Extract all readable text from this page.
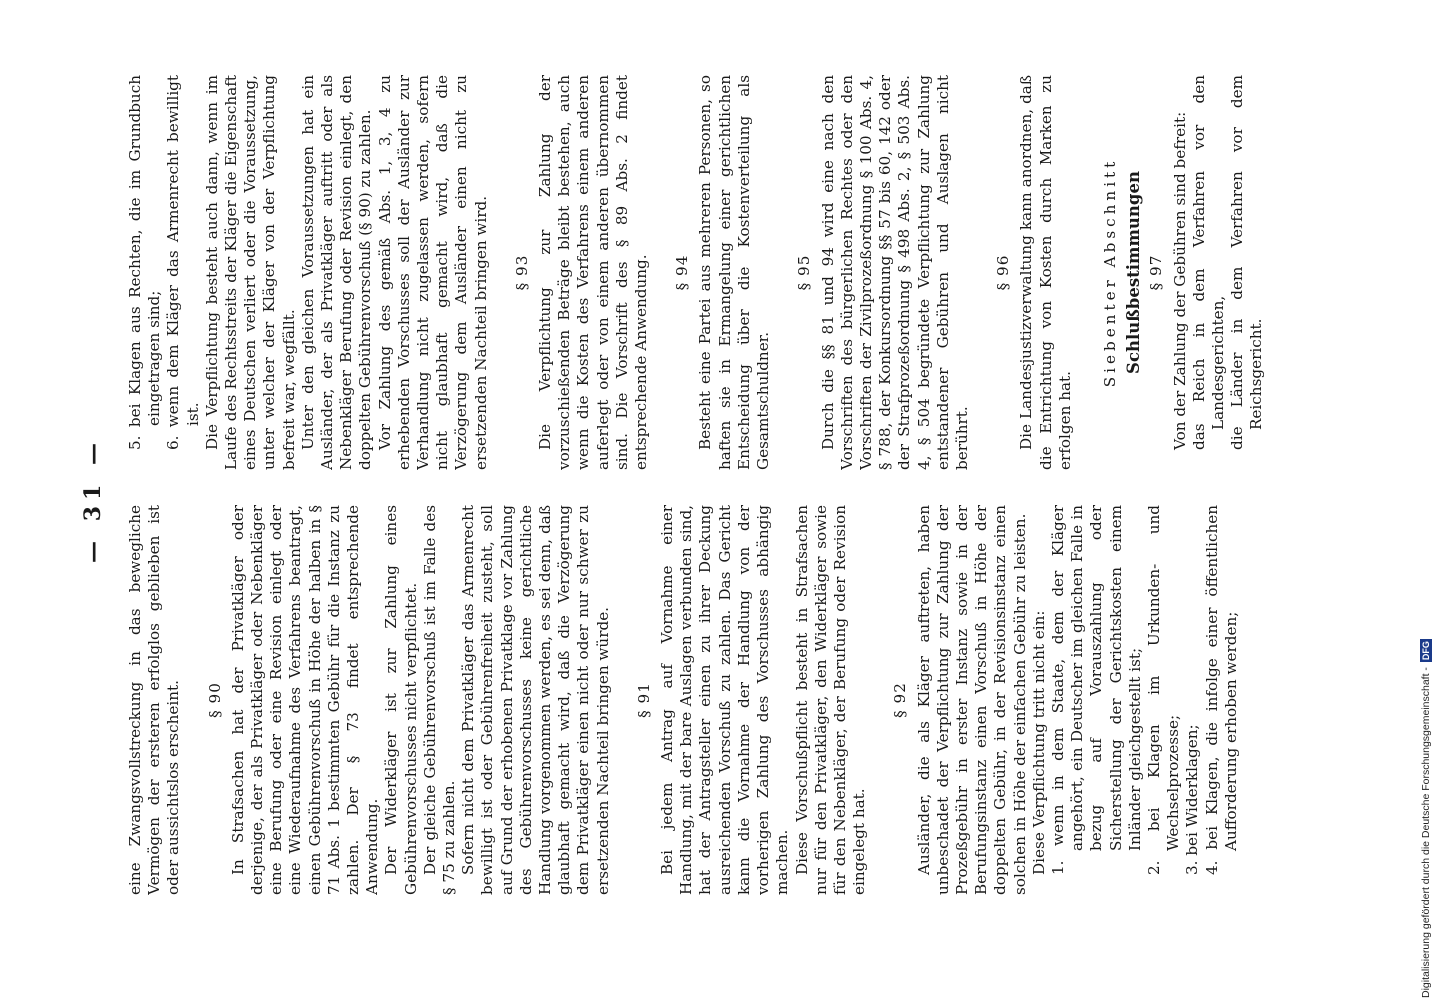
— 31 —

eine Zwangsvollstreckung in das bewegliche Vermögen der ersteren erfolglos geblieben ist oder aussichtslos erscheint. § 90 In Strafsachen hat der Privatkläger oder derjenige, der als Privatkläger oder Nebenkläger eine Berufung oder eine Revision einlegt oder eine Wiederaufnahme des Verfahrens beantragt, einen Gebührenvorschuß in Höhe der halben in § 71 Abs. 1 bestimmten Gebühr für die Instanz zu zahlen. Der § 73 findet entsprechende Anwendung. Der Widerkläger ist zur Zahlung eines Gebührenvorschusses nicht verpflichtet. Der gleiche Gebührenvorschuß ist im Falle des § 75 zu zahlen. Sofern nicht dem Privatkläger das Armenrecht bewilligt ist oder Gebührenfreiheit zusteht, soll auf Grund der erhobenen Privatklage vor Zahlung des Gebührenvorschusses keine gerichtliche Handlung vorgenommen werden, es sei denn, daß glaubhaft gemacht wird, daß die Verzögerung dem Privatkläger einen nicht oder nur schwer zu ersetzenden Nachteil bringen würde. § 91 Bei jedem Antrag auf Vornahme einer Handlung, mit der bare Auslagen verbunden sind, hat der Antragsteller einen zu ihrer Deckung ausreichenden Vorschuß zu zahlen. Das Gericht kann die Vornahme der Handlung von der vorherigen Zahlung des Vorschusses abhängig machen. Diese Vorschußpflicht besteht in Strafsachen nur für den Privatkläger, den Widerkläger sowie für den Nebenkläger, der Berufung oder Revision eingelegt hat.

§ 92 Ausländer, die als Kläger auftreten, haben unbeschadet der Verpflichtung zur Zahlung der Prozeßgebühr in erster Instanz sowie in der Berufungsinstanz einen Vorschuß in Höhe der doppelten Gebühr, in der Revisionsinstanz einen solchen in Höhe der einfachen Gebühr zu leisten. Diese Verpflichtung tritt nicht ein: 1. wenn in dem Staate, dem der Kläger angehört, ein Deutscher im gleichen Falle in bezug auf Vorauszahlung oder Sicherstellung der Gerichtskosten einem Inländer gleichgestellt ist; 2. bei Klagen im Urkunden- und Wechselprozesse; 3. bei Widerklagen; 4. bei Klagen, die infolge einer öffentlichen Aufforderung erhoben werden;

5. bei Klagen aus Rechten, die im Grundbuch eingetragen sind; 6. wenn dem Kläger das Armenrecht bewilligt ist. Die Verpflichtung besteht auch dann, wenn im Laufe des Rechtsstreits der Kläger die Eigenschaft eines Deutschen verliert oder die Voraussetzung, unter welcher der Kläger von der Verpflichtung befreit war, wegfällt. Unter den gleichen Voraussetzungen hat ein Ausländer, der als Privatkläger auftritt oder als Nebenkläger Berufung oder Revision einlegt, den doppelten Gebührenvorschuß (§ 90) zu zahlen. Vor Zahlung des gemäß Abs. 1, 3, 4 zu erhebenden Vorschusses soll der Ausländer zur Verhandlung nicht zugelassen werden, sofern nicht glaubhaft gemacht wird, daß die Verzögerung dem Ausländer einen nicht zu ersetzenden Nachteil bringen wird. § 93 Die Verpflichtung zur Zahlung der vorzuschießenden Beträge bleibt bestehen, auch wenn die Kosten des Verfahrens einem anderen auferlegt oder von einem anderen übernommen sind. Die Vorschrift des § 89 Abs. 2 findet entsprechende Anwendung. § 94 Besteht eine Partei aus mehreren Personen, so haften sie in Ermangelung einer gerichtlichen Entscheidung über die Kostenverteilung als Gesamtschuldner.

§ 95 Durch die §§ 81 und 94 wird eine nach den Vorschriften des bürgerlichen Rechtes oder den Vorschriften der Zivilprozeßordnung § 100 Abs. 4, § 788, der Konkursordnung §§ 57 bis 60, 142 oder der Strafprozeßordnung § 498 Abs. 2, § 503 Abs. 4, § 504 begründete Verpflichtung zur Zahlung entstandener Gebühren und Auslagen nicht berührt.

§ 96 Die Landesjustizverwaltung kann anordnen, daß die Entrichtung von Kosten durch Marken zu erfolgen hat.

Siebenter Abschnitt Schlußbestimmungen § 97 Von der Zahlung der Gebühren sind befreit: das Reich in dem Verfahren vor den Landesgerichten, die Länder in dem Verfahren vor dem Reichsgericht.

Digitalisierung gefördert durch die Deutsche Forschungsgemeinschaft - DFG
